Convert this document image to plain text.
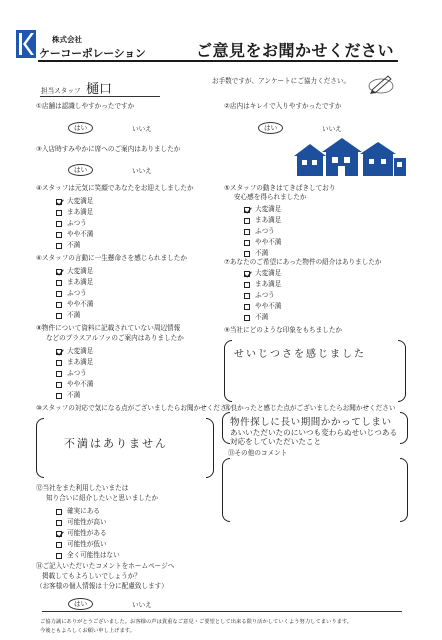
株式会社
ケーコーポレーション	ご意見をお聞かせください
担当スタッフ 樋口
お手数ですが、アンケートにご協力ください。
①店舗は認識しやすかったですか
はい	いいえ
②店内はキレイで入りやすかったですか
はい	いいえ
③入店時すみやかに席へのご案内はありましたか
はい	いいえ
④スタッフは元気に笑顔であなたをお迎えしましたか
大変満足
まあ満足
ふつう
やや不満
不満
⑤スタッフの動きはてきぱきしており
安心感を得られましたか
大変満足
まあ満足
ふつう
やや不満
不満
⑥スタッフの言動に一生懸命さを感じられましたか
大変満足
まあ満足
ふつう
やや不満
不満
⑦あなたのご希望にあった物件の紹介はありましたか
大変満足
まあ満足
ふつう
やや不満
不満
⑧物件について資料に記載されていない周辺情報
などのプラスアルファのご案内はありましたか
大変満足
まあ満足
ふつう
やや不満
不満
⑨当社にどのような印象をもちましたか
せいじつさを感じました
⑩スタッフの対応で気になる点がございましたらお聞かせください
不満はありません
⑪良かったと感じた点がございましたらお聞かせください
物件探しに長い期間かかってしまい
あいいただいたのにいつも変わらぬせいじつある対応をしていただいたこと
⑬その他のコメント
⑫当社をまた利用したいまたは
知り合いに紹介したいと思いましたか
確実にある
可能性が高い
可能性がある
可能性が低い
全く可能性はない
⑭ご記入いただいたコメントをホームページへ
掲載してもよろしいでしょうか？
（お客様の個人情報は十分に配慮致します）
はい	いいえ
ご協力誠にありがとうございました。お客様の声は貴重なご意見・ご要望として出来る限り活かしていくよう努力してまいります。
今後ともよろしくお願い申し上げます。
